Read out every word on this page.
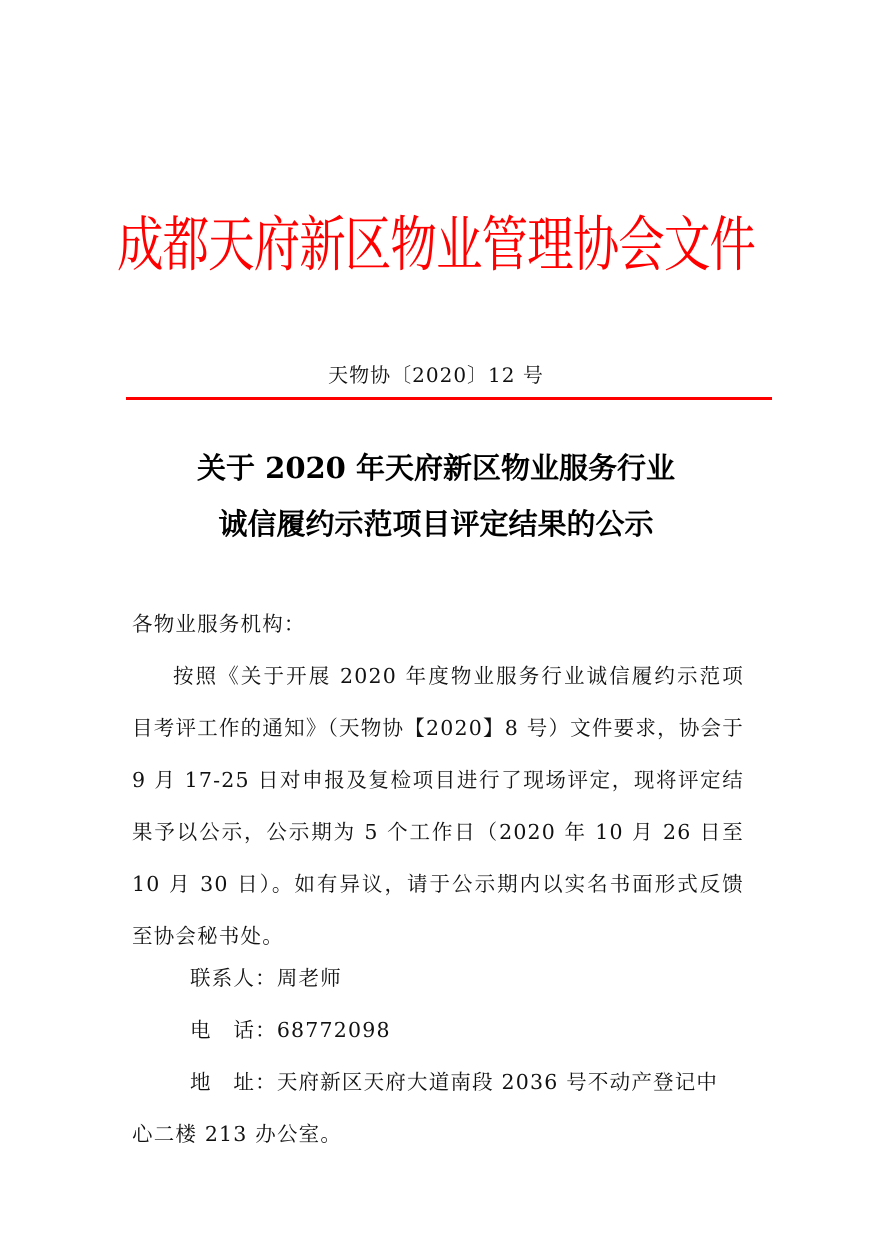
成都天府新区物业管理协会文件
天物协〔2020〕12 号
关于 2020 年天府新区物业服务行业
诚信履约示范项目评定结果的公示
各物业服务机构：
按照《关于开展 2020 年度物业服务行业诚信履约示范项目考评工作的通知》（天物协【2020】8 号）文件要求，协会于 9 月 17-25 日对申报及复检项目进行了现场评定，现将评定结果予以公示，公示期为 5 个工作日（2020 年 10 月 26 日至 10 月 30 日）。如有异议，请于公示期内以实名书面形式反馈至协会秘书处。
联系人：周老师
电　话：68772098
地　址：天府新区天府大道南段 2036 号不动产登记中
心二楼 213 办公室。
